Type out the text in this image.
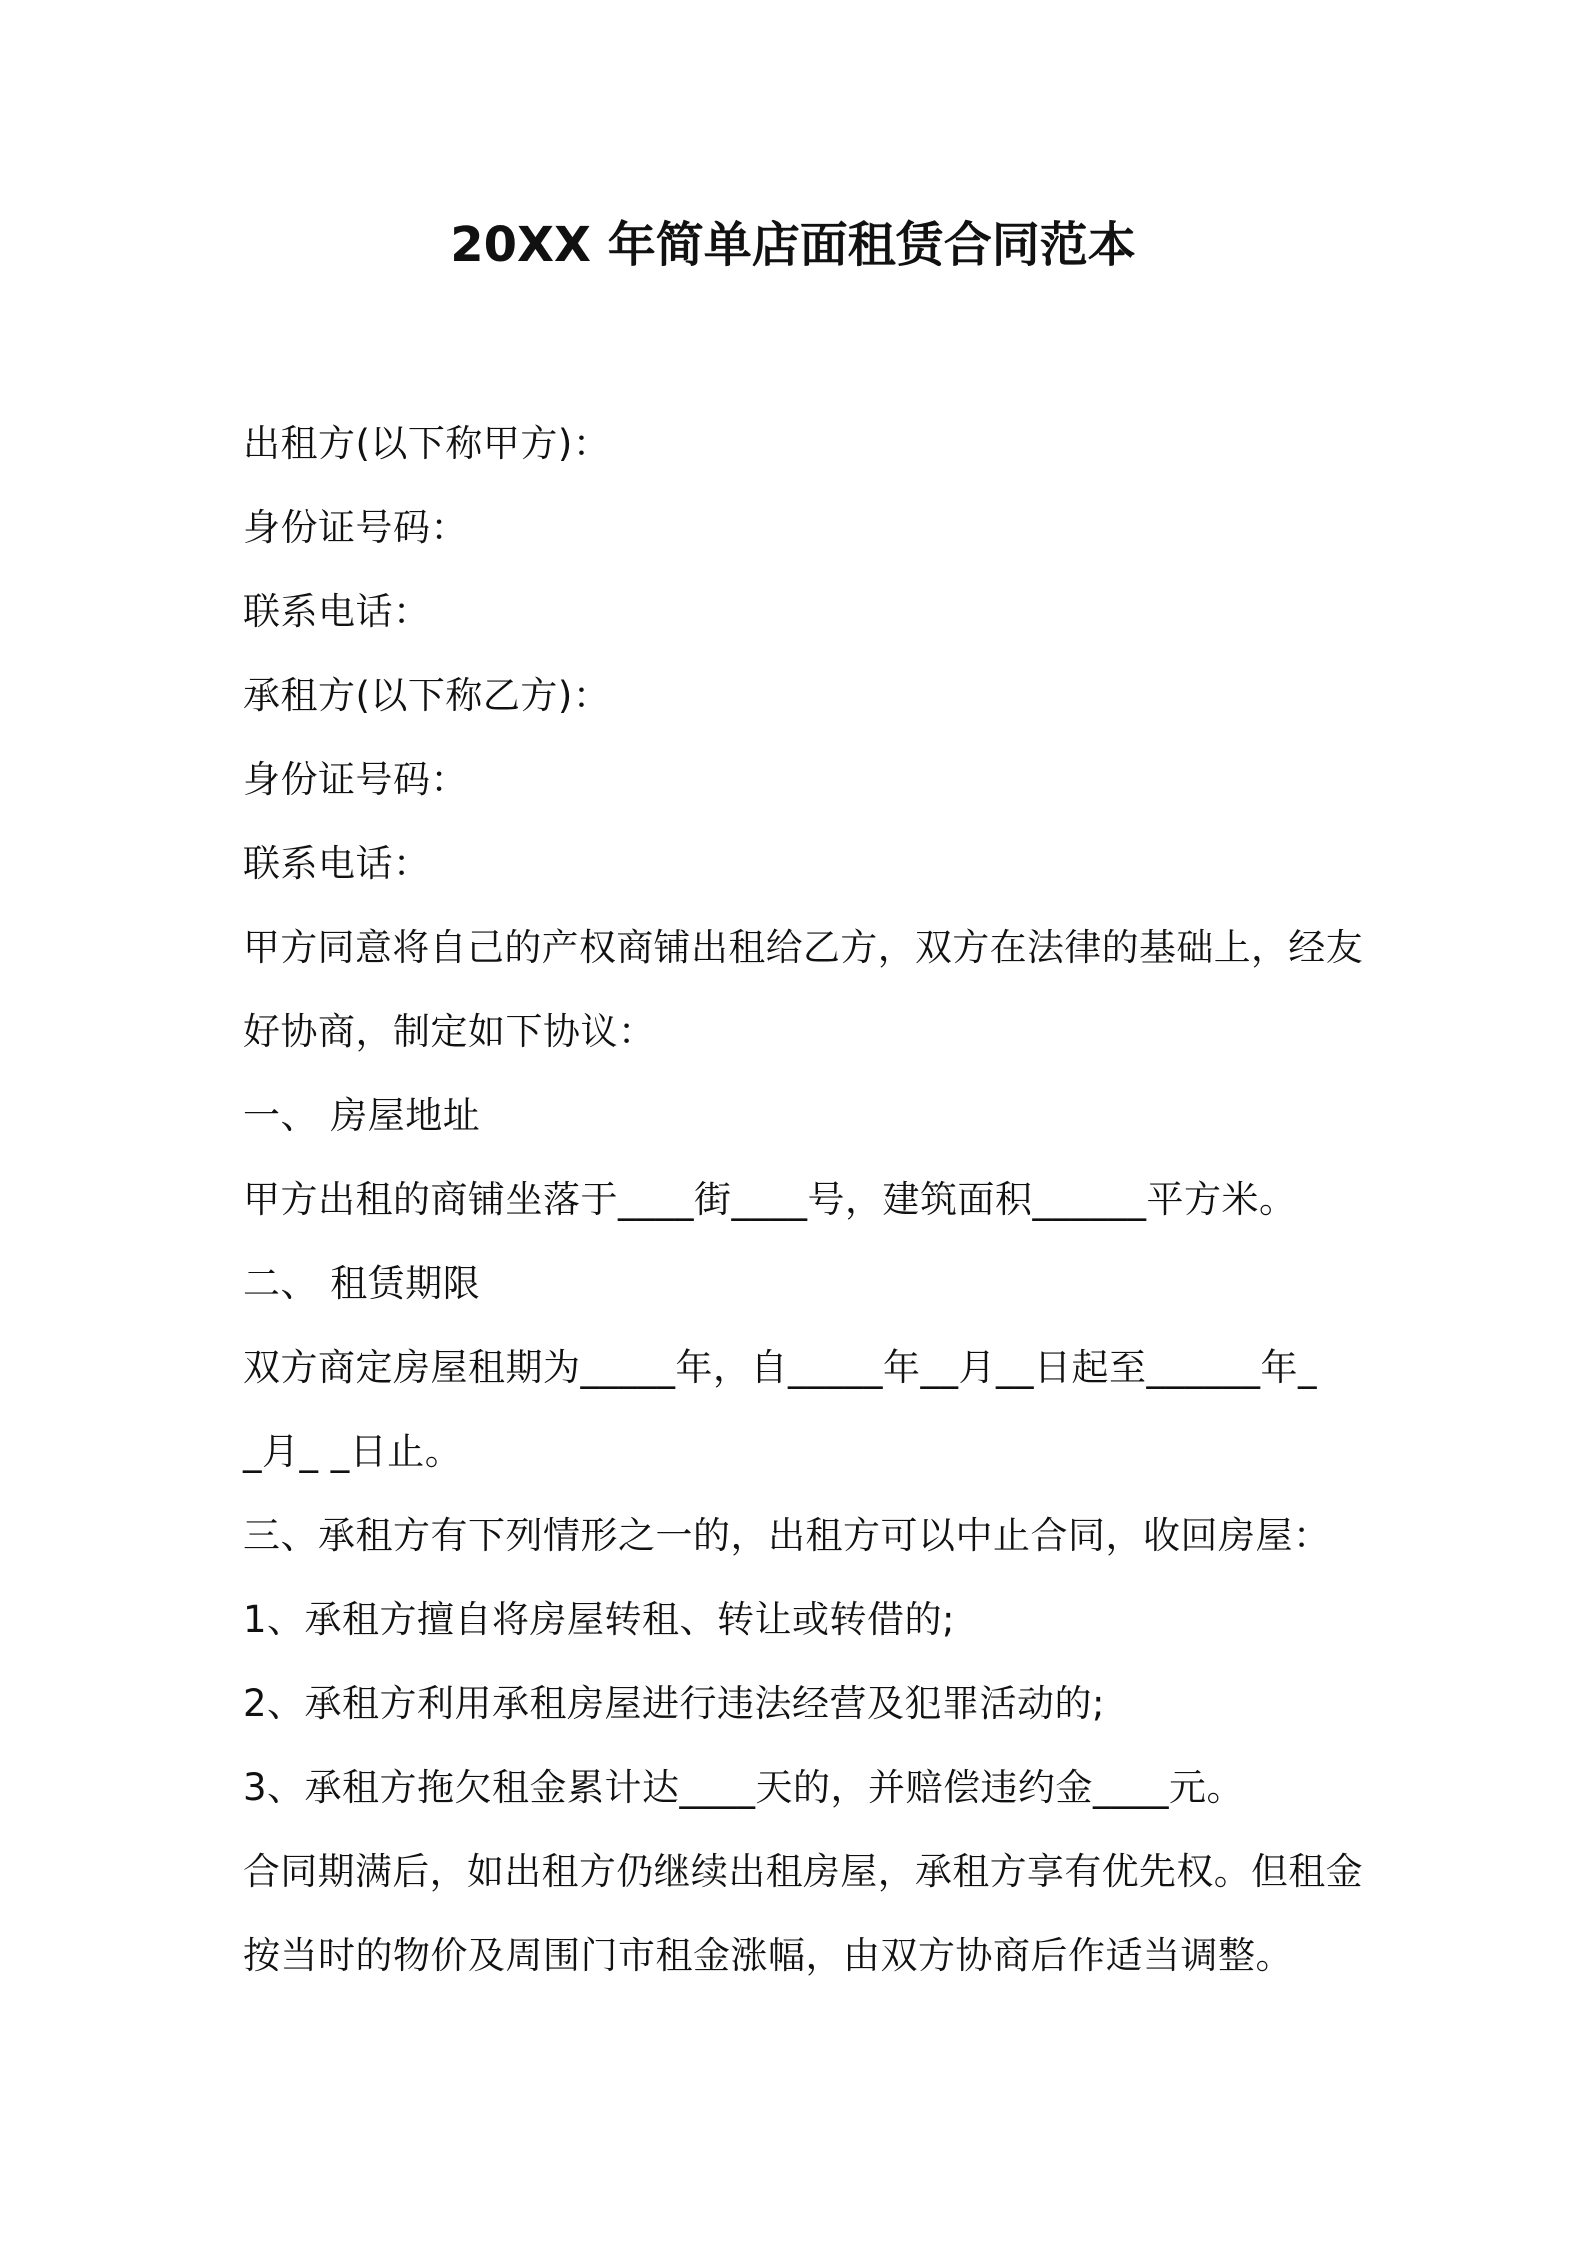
20XX 年简单店面租赁合同范本
出租方(以下称甲方)：
身份证号码：
联系电话：
承租方(以下称乙方)：
身份证号码：
联系电话：
甲方同意将自己的产权商铺出租给乙方，双方在法律的基础上，经友
好协商，制定如下协议：
一、 房屋地址
甲方出租的商铺坐落于____街____号，建筑面积______平方米。
二、 租赁期限
双方商定房屋租期为_____年，自_____年__月__日起至______年_
_月_ _日止。
三、承租方有下列情形之一的，出租方可以中止合同，收回房屋：
1、承租方擅自将房屋转租、转让或转借的;
2、承租方利用承租房屋进行违法经营及犯罪活动的;
3、承租方拖欠租金累计达____天的，并赔偿违约金____元。
合同期满后，如出租方仍继续出租房屋，承租方享有优先权。但租金
按当时的物价及周围门市租金涨幅，由双方协商后作适当调整。
